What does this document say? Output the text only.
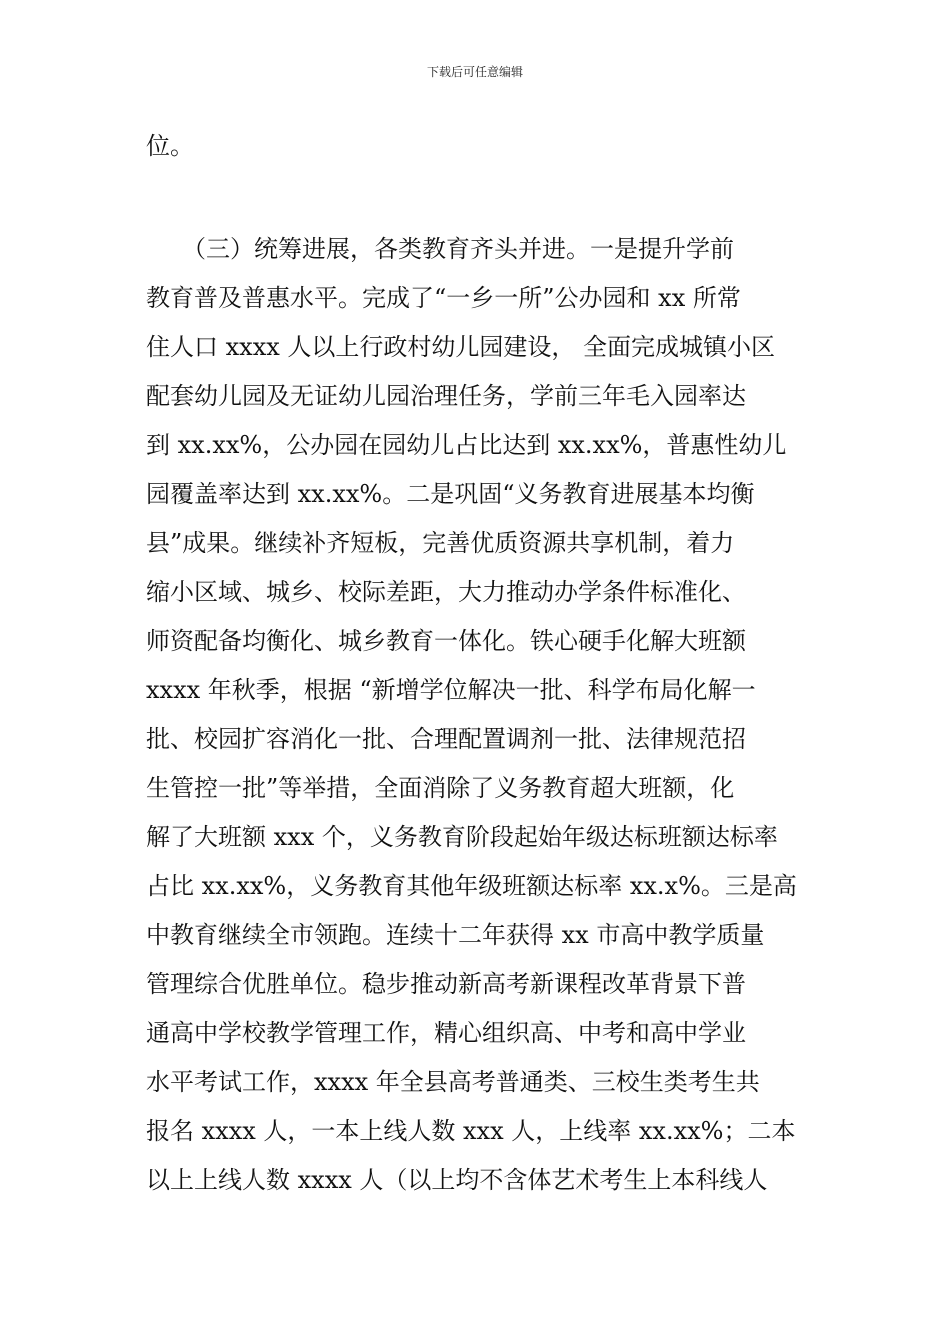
下载后可任意编辑
位。
　　（三）统筹进展，各类教育齐头并进。一是提升学前
教育普及普惠水平。完成了“一乡一所”公办园和 xx 所常
住人口 xxxx 人以上行政村幼儿园建设， 全面完成城镇小区
配套幼儿园及无证幼儿园治理任务，学前三年毛入园率达
到 xx.xx%，公办园在园幼儿占比达到 xx.xx%，普惠性幼儿
园覆盖率达到 xx.xx%。二是巩固“义务教育进展基本均衡
县”成果。继续补齐短板，完善优质资源共享机制，着力
缩小区域、城乡、校际差距，大力推动办学条件标准化、
师资配备均衡化、城乡教育一体化。铁心硬手化解大班额
xxxx 年秋季，根据 “新增学位解决一批、科学布局化解一
批、校园扩容消化一批、合理配置调剂一批、法律规范招
生管控一批”等举措，全面消除了义务教育超大班额，化
解了大班额 xxx 个，义务教育阶段起始年级达标班额达标率
占比 xx.xx%，义务教育其他年级班额达标率 xx.x%。三是高
中教育继续全市领跑。连续十二年获得 xx 市高中教学质量
管理综合优胜单位。稳步推动新高考新课程改革背景下普
通高中学校教学管理工作，精心组织高、中考和高中学业
水平考试工作，xxxx 年全县高考普通类、三校生类考生共
报名 xxxx 人，一本上线人数 xxx 人，上线率 xx.xx%；二本
以上上线人数 xxxx 人（以上均不含体艺术考生上本科线人
